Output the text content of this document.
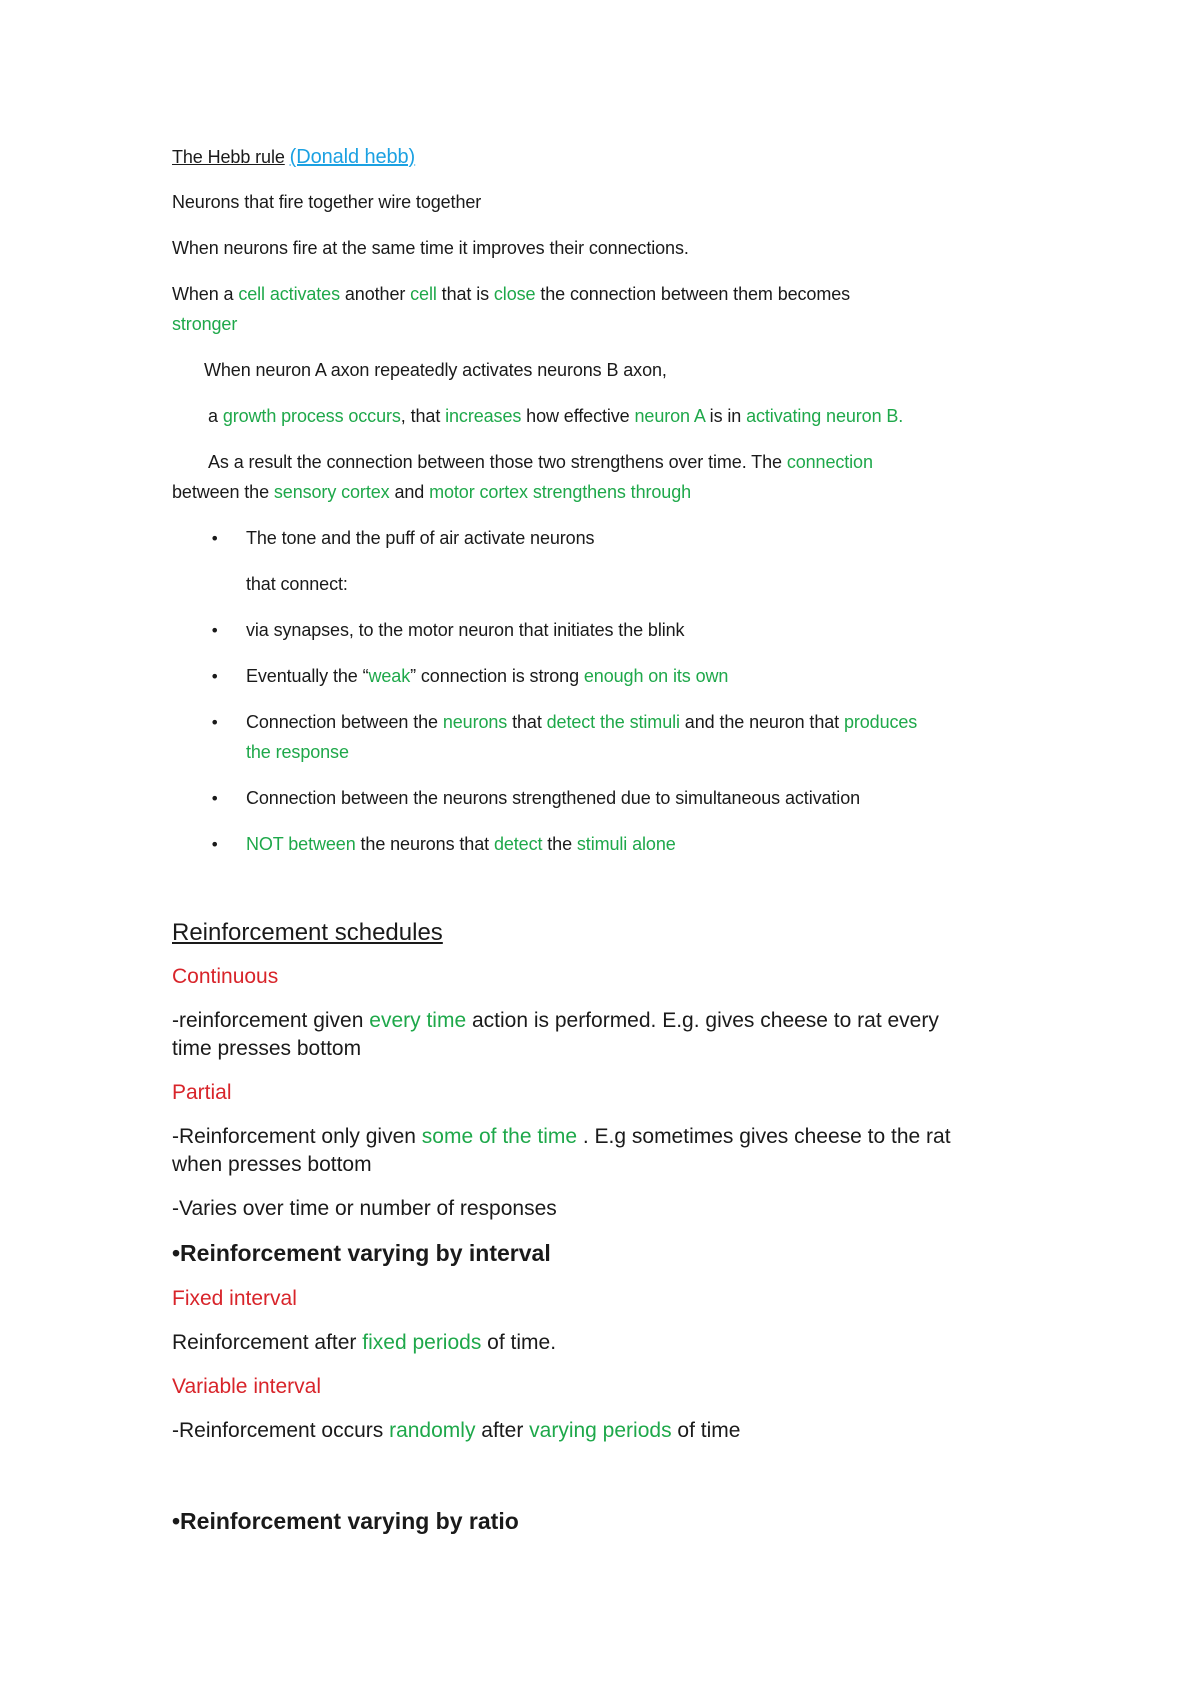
The Hebb rule (Donald hebb)

Neurons that fire together wire together

When neurons fire at the same time it improves their connections.

When a cell activates another cell that is close the connection between them becomes

stronger

When neuron A axon repeatedly activates neurons B axon,

a growth process occurs, that increases how effective neuron A is in activating neuron B.

As a result the connection between those two strengthens over time. The connection

between the sensory cortex and motor cortex strengthens through

• The tone and the puff of air activate neurons

that connect:

• via synapses, to the motor neuron that initiates the blink

• Eventually the “weak” connection is strong enough on its own

• Connection between the neurons that detect the stimuli and the neuron that produces

the response

• Connection between the neurons strengthened due to simultaneous activation

• NOT between the neurons that detect the stimuli alone

Reinforcement schedules

Continuous

-reinforcement given every time action is performed. E.g. gives cheese to rat every

time presses bottom

Partial

-Reinforcement only given some of the time . E.g sometimes gives cheese to the rat

when presses bottom

-Varies over time or number of responses

•Reinforcement varying by interval

Fixed interval

Reinforcement after fixed periods of time.

Variable interval

-Reinforcement occurs randomly after varying periods of time

•Reinforcement varying by ratio
